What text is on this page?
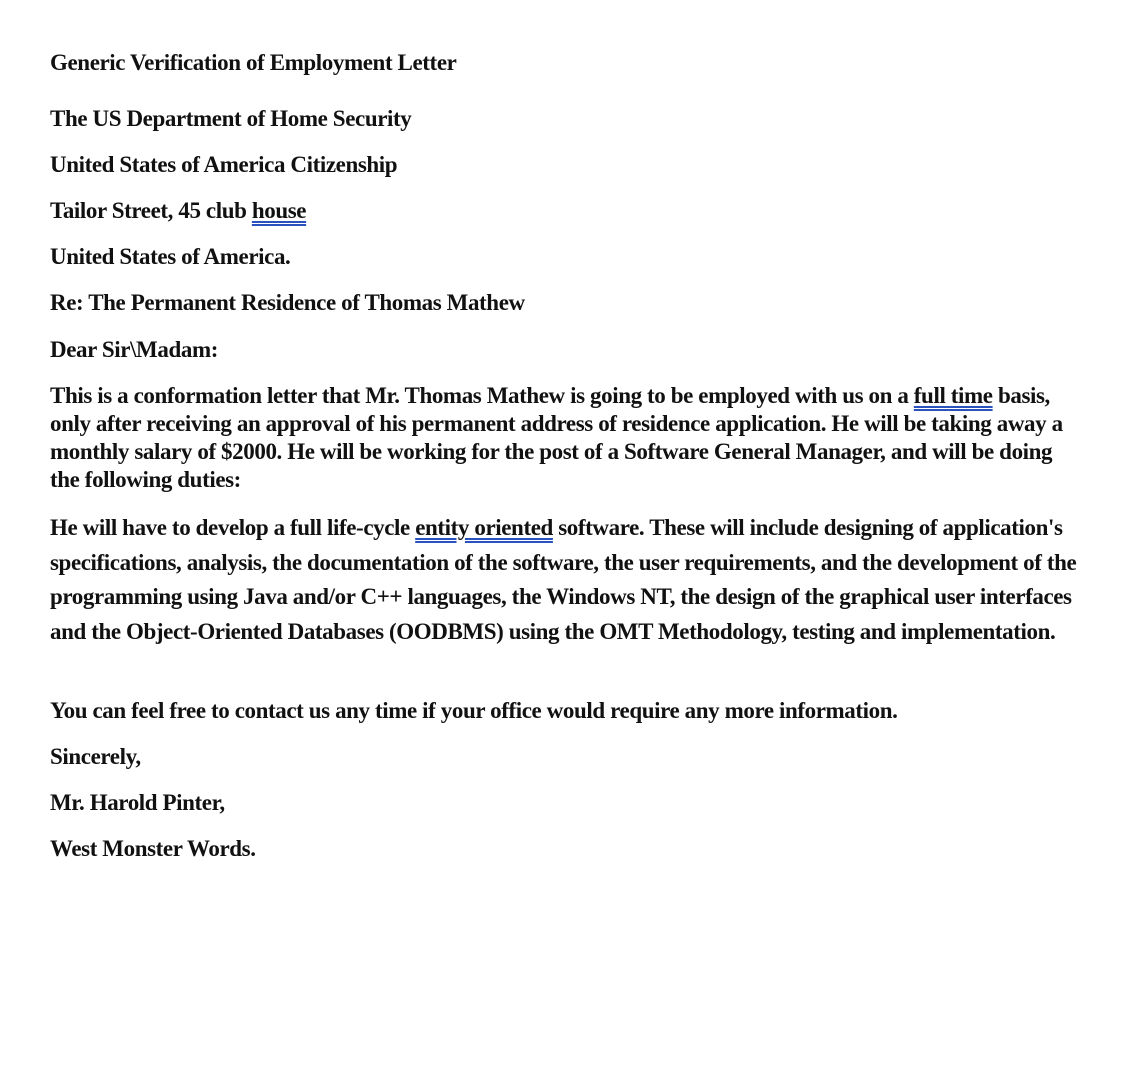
Generic Verification of Employment Letter
The US Department of Home Security
United States of America Citizenship
Tailor Street, 45 club house
United States of America.
Re: The Permanent Residence of Thomas Mathew
Dear Sir\Madam:
This is a conformation letter that Mr. Thomas Mathew is going to be employed with us on a full time basis, only after receiving an approval of his permanent address of residence application. He will be taking away a monthly salary of $2000. He will be working for the post of a Software General Manager, and will be doing the following duties:
He will have to develop a full life-cycle entity oriented software. These will include designing of application's specifications, analysis, the documentation of the software, the user requirements, and the development of the programming using Java and/or C++ languages, the Windows NT, the design of the graphical user interfaces and the Object-Oriented Databases (OODBMS) using the OMT Methodology, testing and implementation.
You can feel free to contact us any time if your office would require any more information.
Sincerely,
Mr. Harold Pinter,
West Monster Words.
